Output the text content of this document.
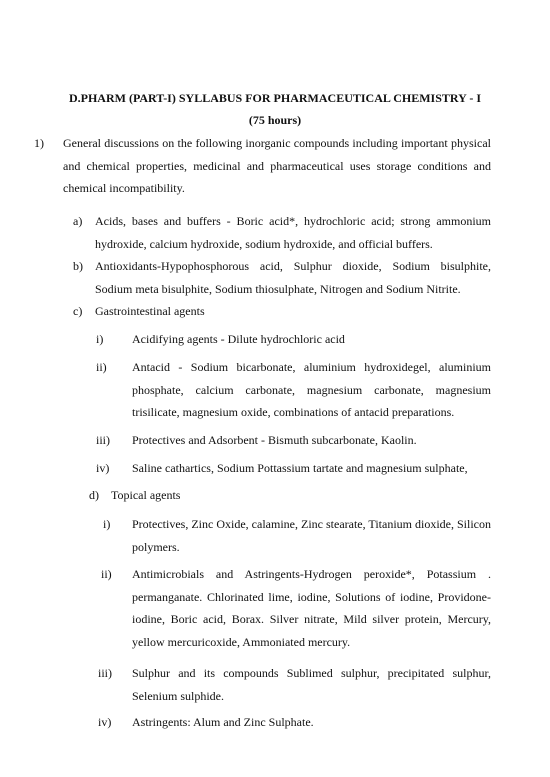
D.PHARM (PART-I) SYLLABUS FOR PHARMACEUTICAL CHEMISTRY - I
(75 hours)
1) General discussions on the following inorganic compounds including important physical and chemical properties, medicinal and pharmaceutical uses storage conditions and chemical incompatibility.
a) Acids, bases and buffers - Boric acid*, hydrochloric acid; strong ammonium hydroxide, calcium hydroxide, sodium hydroxide, and official buffers.
b) Antioxidants-Hypophosphorous acid, Sulphur dioxide, Sodium bisulphite, Sodium meta bisulphite, Sodium thiosulphate, Nitrogen and Sodium Nitrite.
c) Gastrointestinal agents
i) Acidifying agents - Dilute hydrochloric acid
ii) Antacid - Sodium bicarbonate, aluminium hydroxidegel, aluminium phosphate, calcium carbonate, magnesium carbonate, magnesium trisilicate, magnesium oxide, combinations of antacid preparations.
iii) Protectives and Adsorbent - Bismuth subcarbonate, Kaolin.
iv) Saline cathartics, Sodium Pottassium tartate and magnesium sulphate,
d) Topical agents
i) Protectives, Zinc Oxide, calamine, Zinc stearate, Titanium dioxide, Silicon polymers.
ii) Antimicrobials and Astringents-Hydrogen peroxide*, Potassium . permanganate. Chlorinated lime, iodine, Solutions of iodine, Providone-iodine, Boric acid, Borax. Silver nitrate, Mild silver protein, Mercury, yellow mercuricoxide, Ammoniated mercury.
iii) Sulphur and its compounds Sublimed sulphur, precipitated sulphur, Selenium sulphide.
iv) Astringents: Alum and Zinc Sulphate.
